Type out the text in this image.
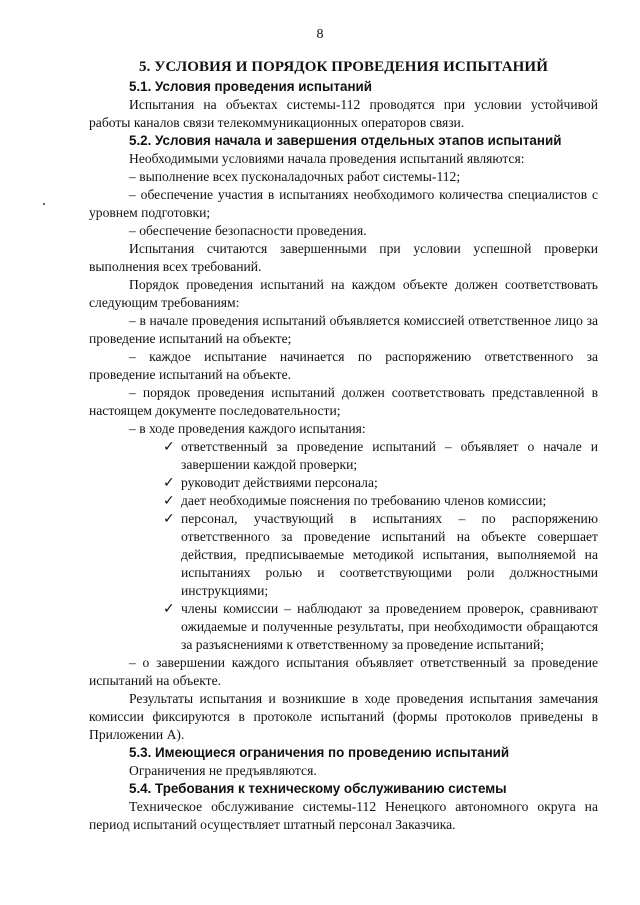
8

5. УСЛОВИЯ И ПОРЯДОК ПРОВЕДЕНИЯ ИСПЫТАНИЙ

5.1. Условия проведения испытаний

Испытания на объектах системы-112 проводятся при условии устойчивой работы каналов связи телекоммуникационных операторов связи.

5.2. Условия начала и завершения отдельных этапов испытаний

Необходимыми условиями начала проведения испытаний являются:

– выполнение всех пусконаладочных работ системы-112;

– обеспечение участия в испытаниях необходимого количества специалистов с уровнем подготовки;

– обеспечение безопасности проведения.

Испытания считаются завершенными при условии успешной проверки выполнения всех требований.

Порядок проведения испытаний на каждом объекте должен соответствовать следующим требованиям:

– в начале проведения испытаний объявляется комиссией ответственное лицо за проведение испытаний на объекте;

– каждое испытание начинается по распоряжению ответственного за проведение испытаний на объекте.

– порядок проведения испытаний должен соответствовать представленной в настоящем документе последовательности;

– в ходе проведения каждого испытания:

✓ ответственный за проведение испытаний – объявляет о начале и завершении каждой проверки;
✓ руководит действиями персонала;
✓ дает необходимые пояснения по требованию членов комиссии;
✓ персонал, участвующий в испытаниях – по распоряжению ответственного за проведение испытаний на объекте совершает действия, предписываемые методикой испытания, выполняемой на испытаниях ролью и соответствующими роли должностными инструкциями;
✓ члены комиссии – наблюдают за проведением проверок, сравнивают ожидаемые и полученные результаты, при необходимости обращаются за разъяснениями к ответственному за проведение испытаний;

– о завершении каждого испытания объявляет ответственный за проведение испытаний на объекте.

Результаты испытания и возникшие в ходе проведения испытания замечания комиссии фиксируются в протоколе испытаний (формы протоколов приведены в Приложении А).

5.3. Имеющиеся ограничения по проведению испытаний

Ограничения не предъявляются.

5.4. Требования к техническому обслуживанию системы

Техническое обслуживание системы-112 Ненецкого автономного округа на период испытаний осуществляет штатный персонал Заказчика.
